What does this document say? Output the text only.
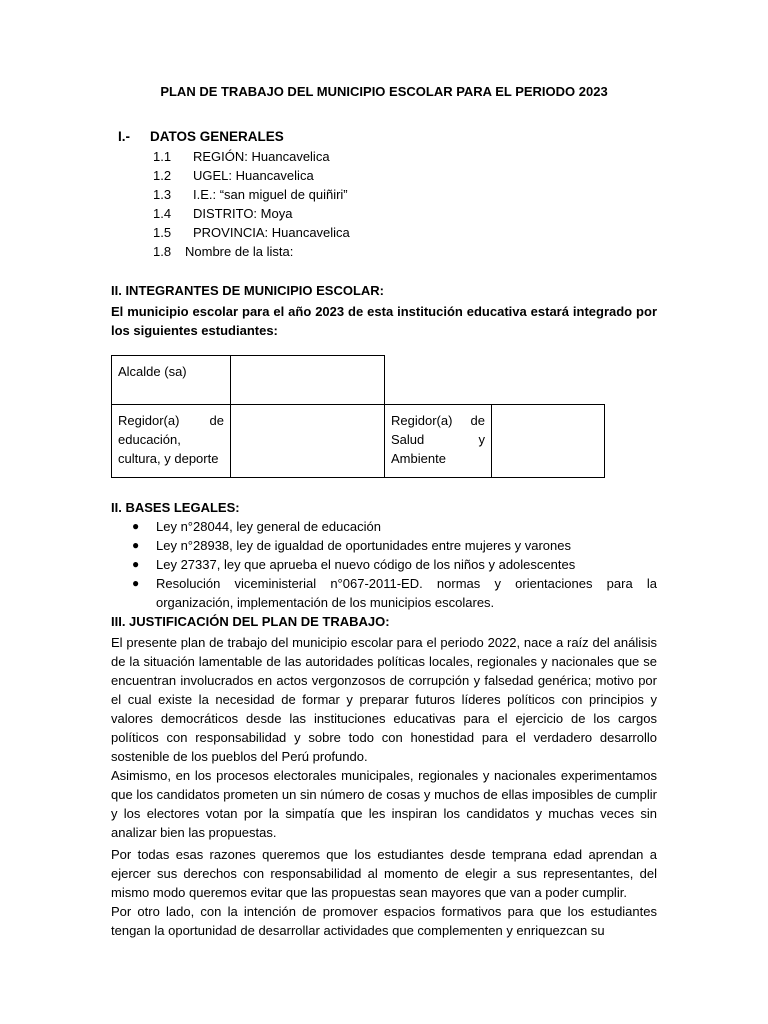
PLAN DE TRABAJO DEL MUNICIPIO ESCOLAR PARA EL PERIODO 2023
I.- DATOS GENERALES
1.1 REGIÓN: Huancavelica
1.2 UGEL: Huancavelica
1.3 I.E.: “san miguel de quiñiri”
1.4 DISTRITO: Moya
1.5 PROVINCIA: Huancavelica
1.8 Nombre de la lista:
II. INTEGRANTES DE MUNICIPIO ESCOLAR:
El municipio escolar para el año 2023 de esta institución educativa estará integrado por los siguientes estudiantes:
Alcalde (sa)
Regidor(a) de educación, cultura, y deporte
Regidor(a) de Salud y Ambiente
II. BASES LEGALES:
● Ley n°28044, ley general de educación
● Ley n°28938, ley de igualdad de oportunidades entre mujeres y varones
● Ley 27337, ley que aprueba el nuevo código de los niños y adolescentes
● Resolución viceministerial n°067-2011-ED. normas y orientaciones para la organización, implementación de los municipios escolares.
III. JUSTIFICACIÓN DEL PLAN DE TRABAJO:
El presente plan de trabajo del municipio escolar para el periodo 2022, nace a raíz del análisis de la situación lamentable de las autoridades políticas locales, regionales y nacionales que se encuentran involucrados en actos vergonzosos de corrupción y falsedad genérica; motivo por el cual existe la necesidad de formar y preparar futuros líderes políticos con principios y valores democráticos desde las instituciones educativas para el ejercicio de los cargos políticos con responsabilidad y sobre todo con honestidad para el verdadero desarrollo sostenible de los pueblos del Perú profundo.
Asimismo, en los procesos electorales municipales, regionales y nacionales experimentamos que los candidatos prometen un sin número de cosas y muchos de ellas imposibles de cumplir y los electores votan por la simpatía que les inspiran los candidatos y muchas veces sin analizar bien las propuestas.
Por todas esas razones queremos que los estudiantes desde temprana edad aprendan a ejercer sus derechos con responsabilidad al momento de elegir a sus representantes, del mismo modo queremos evitar que las propuestas sean mayores que van a poder cumplir.
Por otro lado, con la intención de promover espacios formativos para que los estudiantes tengan la oportunidad de desarrollar actividades que complementen y enriquezcan su
